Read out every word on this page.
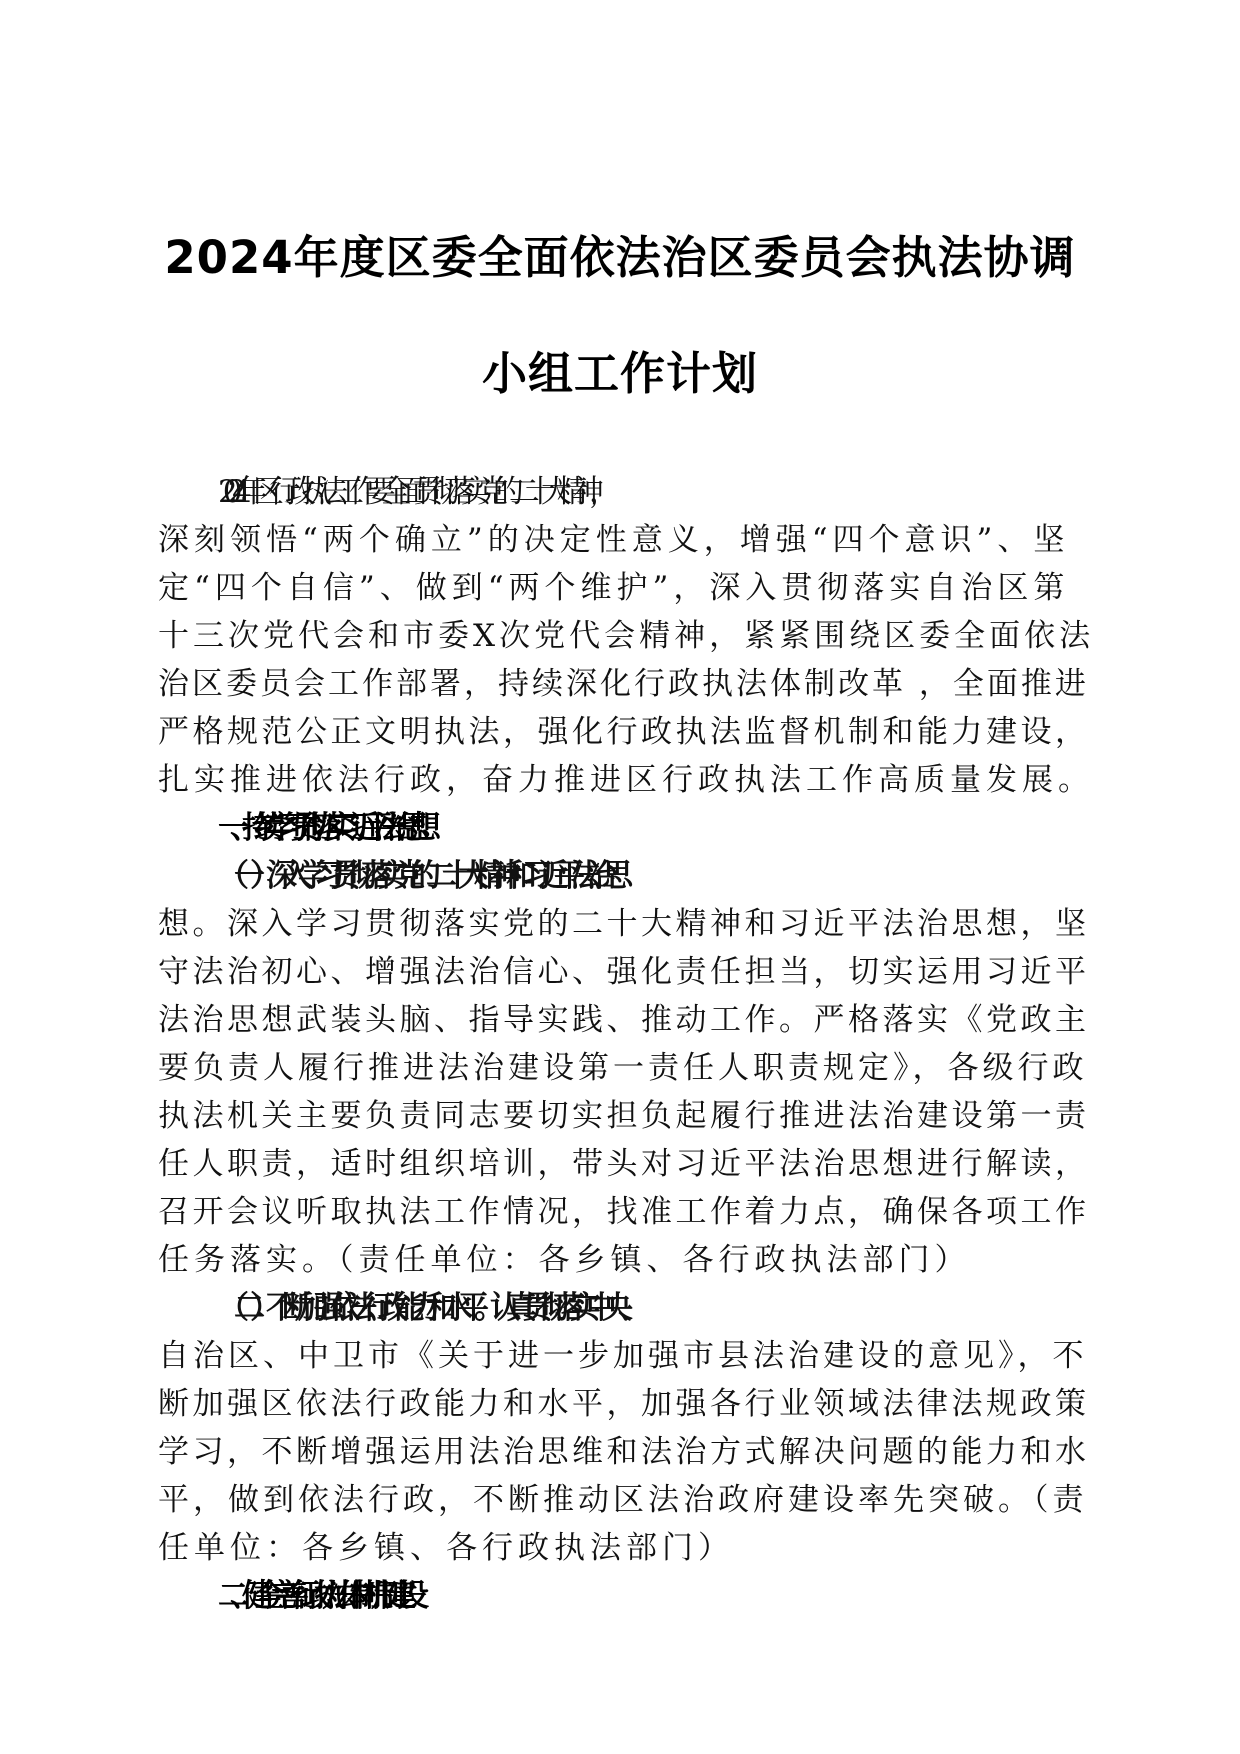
2024年度区委全面依法治区委员会执法协调
小组工作计划
2024年区行政执法工作要全面贯彻落实党的二十大精神，
深刻领悟“两个确立”的决定性意义，增强“四个意识”、坚
定“四个自信”、做到“两个维护”，深入贯彻落实自治区第
十三次党代会和市委X次党代会精神，紧紧围绕区委全面依法
治区委员会工作部署，持续深化行政执法体制改革 ，全面推进
严格规范公正文明执法，强化行政执法监督机制和能力建设，
扎实推进依法行政，奋力推进区行政执法工作高质量发展。
一、持续学习贯彻落实习近平法治思想
（一）深入学习贯彻落实党的二十大精神和习近平法治思
想。深入学习贯彻落实党的二十大精神和习近平法治思想，坚
守法治初心、增强法治信心、强化责任担当，切实运用习近平
法治思想武装头脑、指导实践、推动工作。严格落实《党政主
要负责人履行推进法治建设第一责任人职责规定》，各级行政
执法机关主要负责同志要切实担负起履行推进法治建设第一责
任人职责，适时组织培训，带头对习近平法治思想进行解读，
召开会议听取执法工作情况，找准工作着力点，确保各项工作
任务落实。（责任单位：各乡镇、各行政执法部门）
（二）不断加强依法行政能力和水平。认真贯彻落实中央、
自治区、中卫市《关于进一步加强市县法治建设的意见》，不
断加强区依法行政能力和水平，加强各行业领域法律法规政策
学习，不断增强运用法治思维和法治方式解决问题的能力和水
平，做到依法行政，不断推动区法治政府建设率先突破。（责
任单位：各乡镇、各行政执法部门）
二、健全完善行政执法体制机制建设
